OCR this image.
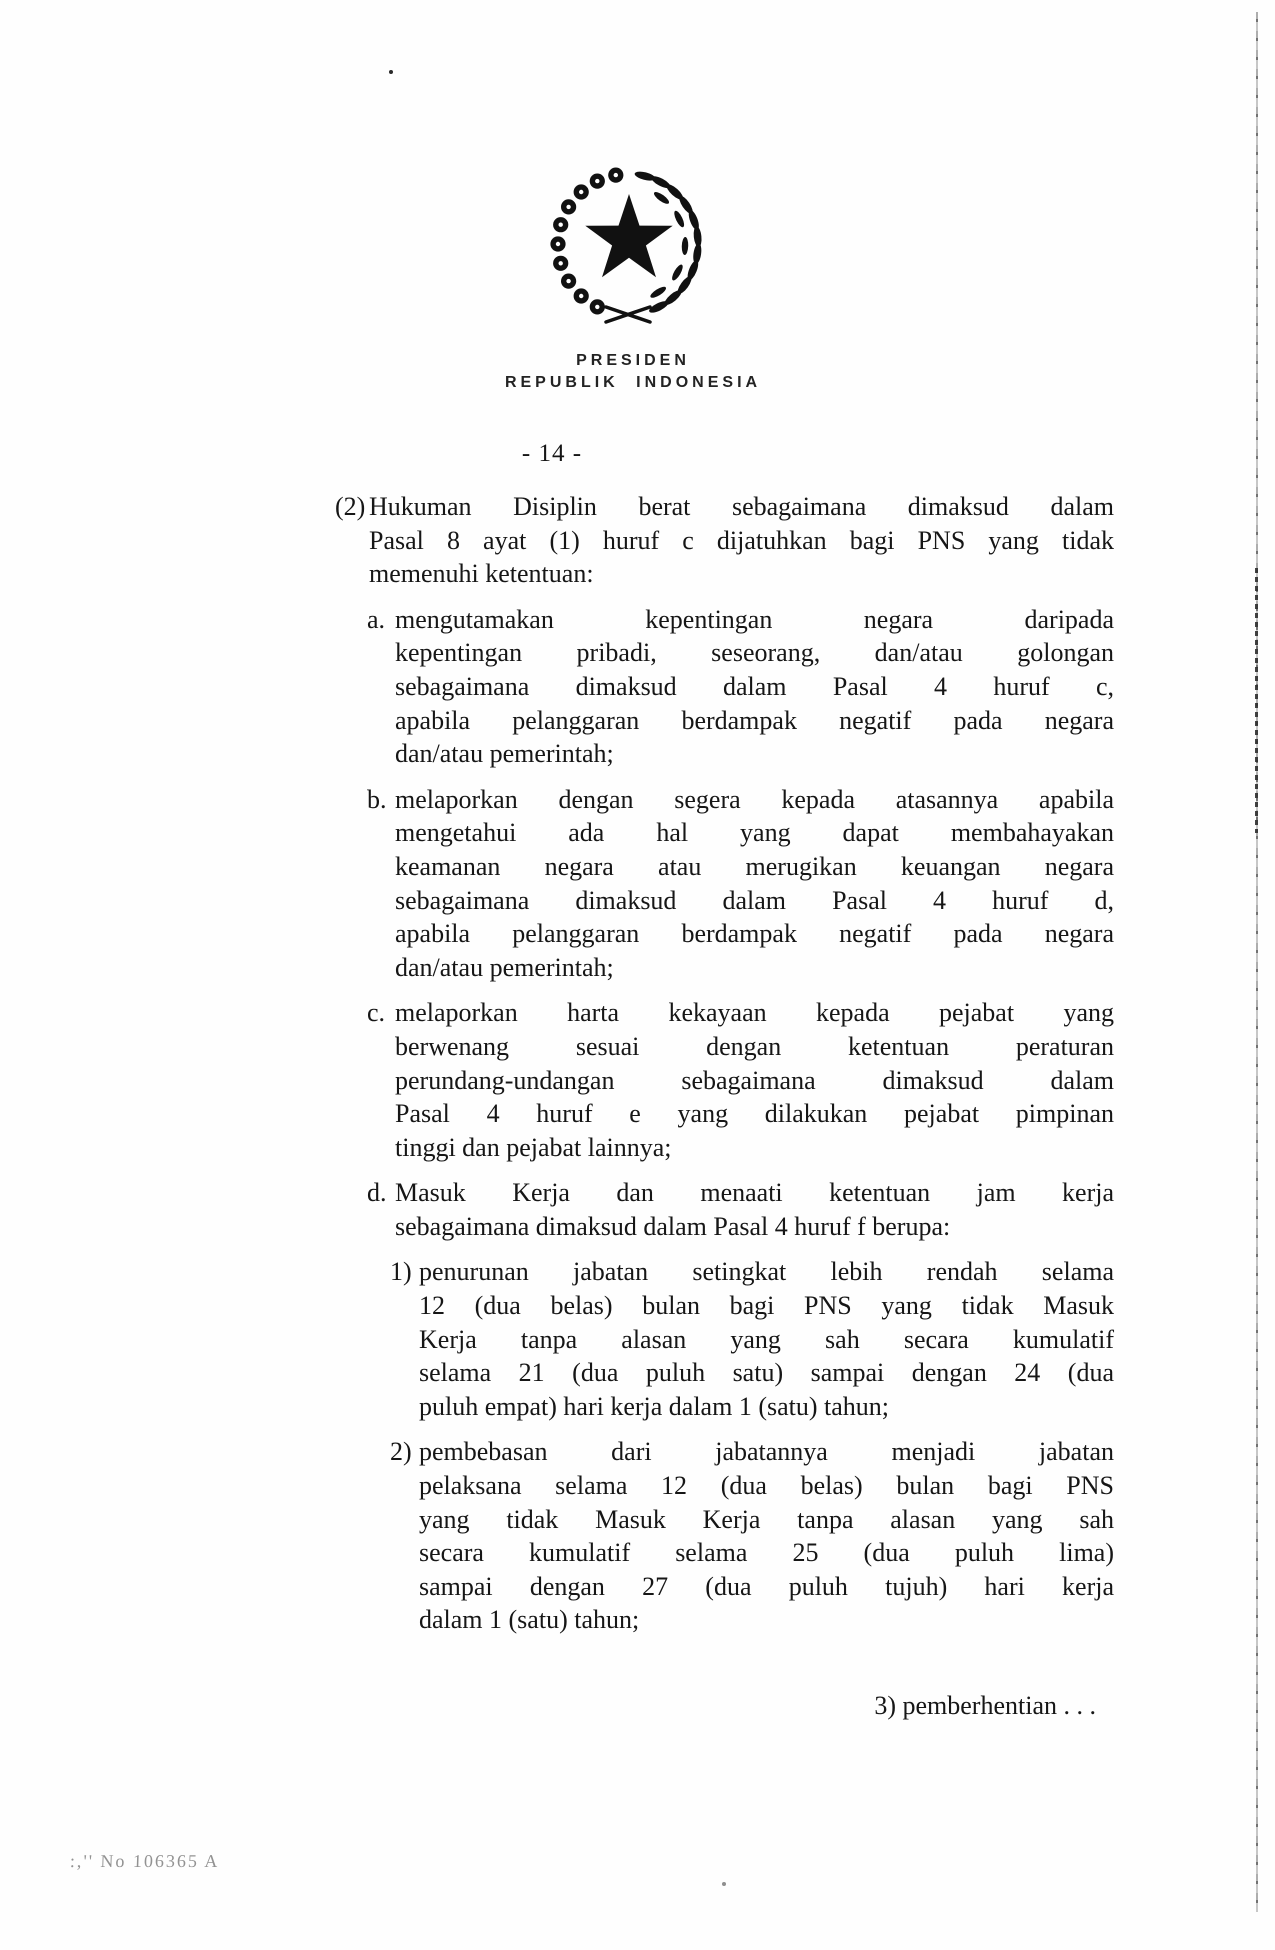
PRESIDEN
REPUBLIK INDONESIA
- 14 -
(2) Hukuman Disiplin berat sebagaimana dimaksud dalam
Pasal 8 ayat (1) huruf c dijatuhkan bagi PNS yang tidak
memenuhi ketentuan:
a. mengutamakan kepentingan negara daripada
kepentingan pribadi, seseorang, dan/atau golongan
sebagaimana dimaksud dalam Pasal 4 huruf c,
apabila pelanggaran berdampak negatif pada negara
dan/atau pemerintah;
b. melaporkan dengan segera kepada atasannya apabila
mengetahui ada hal yang dapat membahayakan
keamanan negara atau merugikan keuangan negara
sebagaimana dimaksud dalam Pasal 4 huruf d,
apabila pelanggaran berdampak negatif pada negara
dan/atau pemerintah;
c. melaporkan harta kekayaan kepada pejabat yang
berwenang sesuai dengan ketentuan peraturan
perundang-undangan sebagaimana dimaksud dalam
Pasal 4 huruf e yang dilakukan pejabat pimpinan
tinggi dan pejabat lainnya;
d. Masuk Kerja dan menaati ketentuan jam kerja
sebagaimana dimaksud dalam Pasal 4 huruf f berupa:
1) penurunan jabatan setingkat lebih rendah selama
12 (dua belas) bulan bagi PNS yang tidak Masuk
Kerja tanpa alasan yang sah secara kumulatif
selama 21 (dua puluh satu) sampai dengan 24 (dua
puluh empat) hari kerja dalam 1 (satu) tahun;
2) pembebasan dari jabatannya menjadi jabatan
pelaksana selama 12 (dua belas) bulan bagi PNS
yang tidak Masuk Kerja tanpa alasan yang sah
secara kumulatif selama 25 (dua puluh lima)
sampai dengan 27 (dua puluh tujuh) hari kerja
dalam 1 (satu) tahun;
3) pemberhentian . . .
:,'' No 106365 A
